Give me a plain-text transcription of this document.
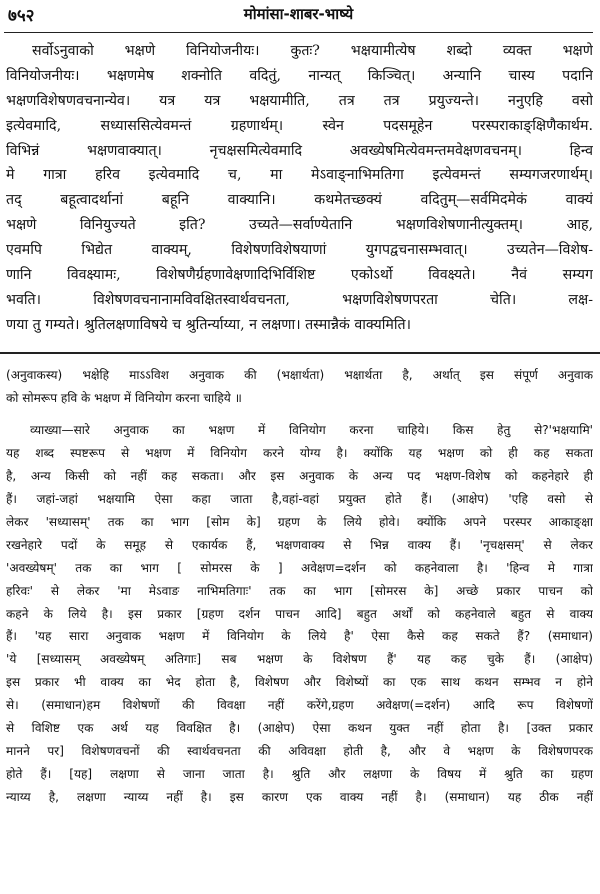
७५२	मोमांसा-शाबर-भाष्ये
सर्वोऽनुवाको भक्षणे विनियोजनीयः। कुतः? भक्षयामीत्येष शब्दो व्यक्त भक्षणे
विनियोजनीयः। भक्षणमेष शक्नोति वदितुं, नान्यत् किञ्चित्। अन्यानि चास्य पदानि
भक्षणविशेषणवचनान्येव। यत्र यत्र भक्षयामीति, तत्र तत्र प्रयुज्यन्ते। ननुएहि वसो
इत्येवमादि, सध्याससित्येवमन्तं ग्रहणार्थम्। स्वेन पदसमूहेन परस्पराकाङ्क्षिणैकार्थम.
विभिन्नं भक्षणवाक्यात्। नृचक्षसमित्येवमादि अवख्येषमित्येवमन्तमवेक्षणवचनम्। हिन्व
मे गात्रा हरिव इत्येवमादि च, मा मेऽवाङ्नाभिमतिगा इत्येवमन्तं सम्यगजरणार्थम्।
तद् बहूत्वादर्थानां बहूनि वाक्यानि। कथमेतच्छक्यं वदितुम्—सर्वमिदमेकं वाक्यं
भक्षणे विनियुज्यते इति? उच्यते—सर्वाण्येतानि भक्षणविशेषणानीत्युक्तम्। आह,
एवमपि भिद्येत वाक्यम्, विशेषणविशेषयाणां युगपद्वचनासम्भवात्। उच्यतेन—विशेष-
णानि विवक्ष्यामः, विशेषणैर्ग्रहणावेक्षणादिभिर्विशिष्ट एकोऽर्थो विवक्ष्यते। नैवं सम्यग
भवति। विशेषणवचनानामविवक्षितस्वार्थवचनता, भक्षणविशेषणपरता चेति। लक्ष-
णया तु गम्यते। श्रुतिलक्षणाविषये च श्रुतिर्न्याय्या, न लक्षणा। तस्मान्नैकं वाक्यमिति।
(अनुवाकस्य) भक्षेहि माऽऽविश अनुवाक की (भक्षार्थता) भक्षार्थता है, अर्थात् इस संपूर्ण अनुवाक
को सोमरूप हवि के भक्षण में विनियोग करना चाहिये ॥
व्याख्या—सारे अनुवाक का भक्षण में विनियोग करना चाहिये। किस हेतु से?'भक्षयामि'
यह शब्द स्पष्टरूप से भक्षण में विनियोग करने योग्य है। क्योंकि यह भक्षण को ही कह सकता
है, अन्य किसी को नहीं कह सकता। और इस अनुवाक के अन्य पद भक्षण-विशेष को कहनेहारे ही
हैं। जहां-जहां भक्षयामि ऐसा कहा जाता है,वहां-वहां प्रयुक्त होते हैं। (आक्षेप) 'एहि वसो से
लेकर 'सध्यासम्' तक का भाग [सोम के] ग्रहण के लिये होवे। क्योंकि अपने परस्पर आकाङ्क्षा
रखनेहारे पदों के समूह से एकार्यक हैं, भक्षणवाक्य से भिन्न वाक्य हैं। 'नृचक्षसम्' से लेकर
'अवख्येषम्' तक का भाग [ सोमरस के ] अवेक्षण=दर्शन को कहनेवाला है। 'हिन्व मे गात्रा
हरिवः' से लेकर 'मा मेऽवाङ नाभिमतिगाः' तक का भाग [सोमरस के] अच्छे प्रकार पाचन को
कहने के लिये है। इस प्रकार [ग्रहण दर्शन पाचन आदि] बहुत अर्थों को कहनेवाले बहुत से वाक्य
हैं। 'यह सारा अनुवाक भक्षण में विनियोग के लिये है' ऐसा कैसे कह सकते हैं? (समाधान)
'ये [सध्यासम् अवख्येषम् अतिगाः] सब भक्षण के विशेषण हैं' यह कह चुके हैं। (आक्षेप)
इस प्रकार भी वाक्य का भेद होता है, विशेषण और विशेष्यों का एक साथ कथन सम्भव न होने
से। (समाधान)हम विशेषणों की विवक्षा नहीं करेंगे,ग्रहण अवेक्षण(=दर्शन) आदि रूप विशेषणों
से विशिष्ट एक अर्थ यह विवक्षित है। (आक्षेप) ऐसा कथन युक्त नहीं होता है। [उक्त प्रकार
मानने पर] विशेषणवचनों की स्वार्थवचनता की अविवक्षा होती है, और वे भक्षण के विशेषणपरक
होते हैं। [यह] लक्षणा से जाना जाता है। श्रुति और लक्षणा के विषय में श्रुति का ग्रहण
न्याय्य है, लक्षणा न्याय्य नहीं है। इस कारण एक वाक्य नहीं है। (समाधान) यह ठीक नहीं
